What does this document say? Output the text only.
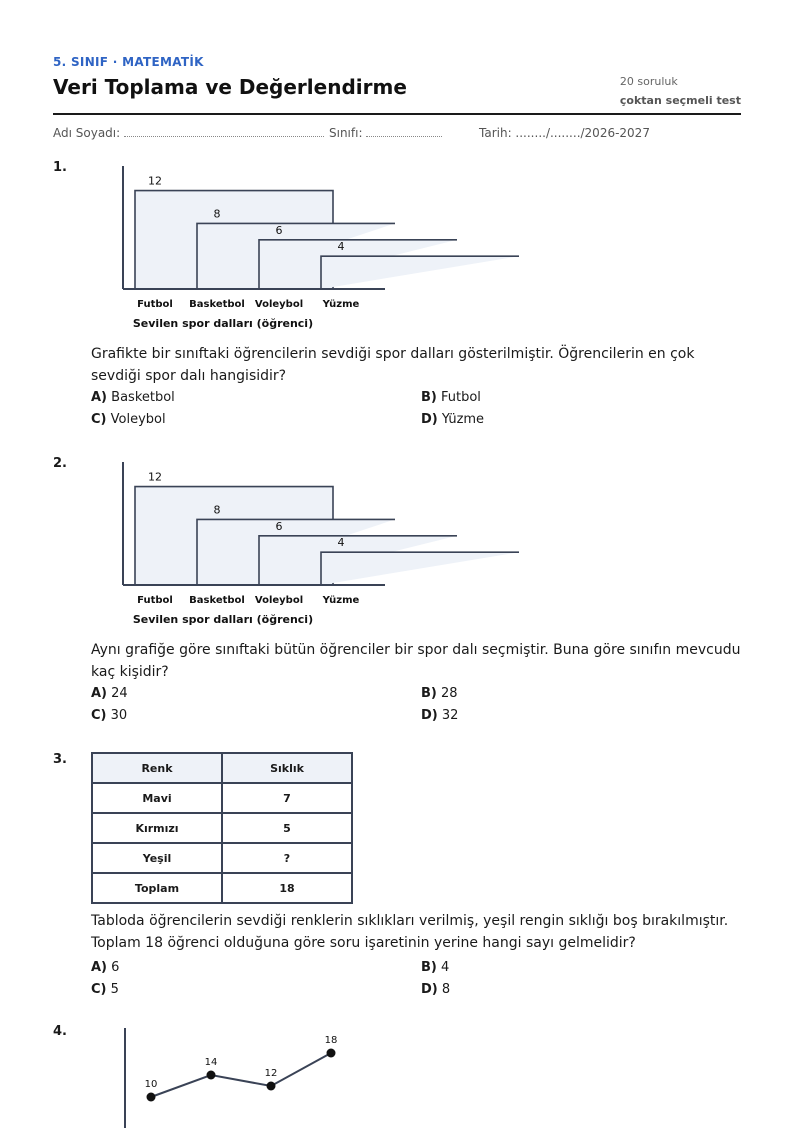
5. SINIF · MATEMATİK
Veri Toplama ve Değerlendirme	20 soruluk
çoktan seçmeli test
Adı Soyadı:	Sınıfı:	Tarih: ......../......../2026-2027
1.
12
Futbol
8
Basketbol
6
Voleybol
4
Yüzme
Sevilen spor dalları (öğrenci)
Grafikte bir sınıftaki öğrencilerin sevdiği spor dalları gösterilmiştir. Öğrencilerin en çok sevdiği spor dalı hangisidir?
A) Basketbol	B) Futbol
C) Voleybol	D) Yüzme
2.
12
Futbol
8
Basketbol
6
Voleybol
4
Yüzme
Sevilen spor dalları (öğrenci)
Aynı grafiğe göre sınıftaki bütün öğrenciler bir spor dalı seçmiştir. Buna göre sınıfın mevcudu kaç kişidir?
A) 24	B) 28
C) 30	D) 32
3.
Renk	Sıklık
Mavi	7
Kırmızı	5
Yeşil	?
Toplam	18
Tabloda öğrencilerin sevdiği renklerin sıklıkları verilmiş, yeşil rengin sıklığı boş bırakılmıştır. Toplam 18 öğrenci olduğuna göre soru işaretinin yerine hangi sayı gelmelidir?
A) 6	B) 4
C) 5	D) 8
4.
10
14
12
18
